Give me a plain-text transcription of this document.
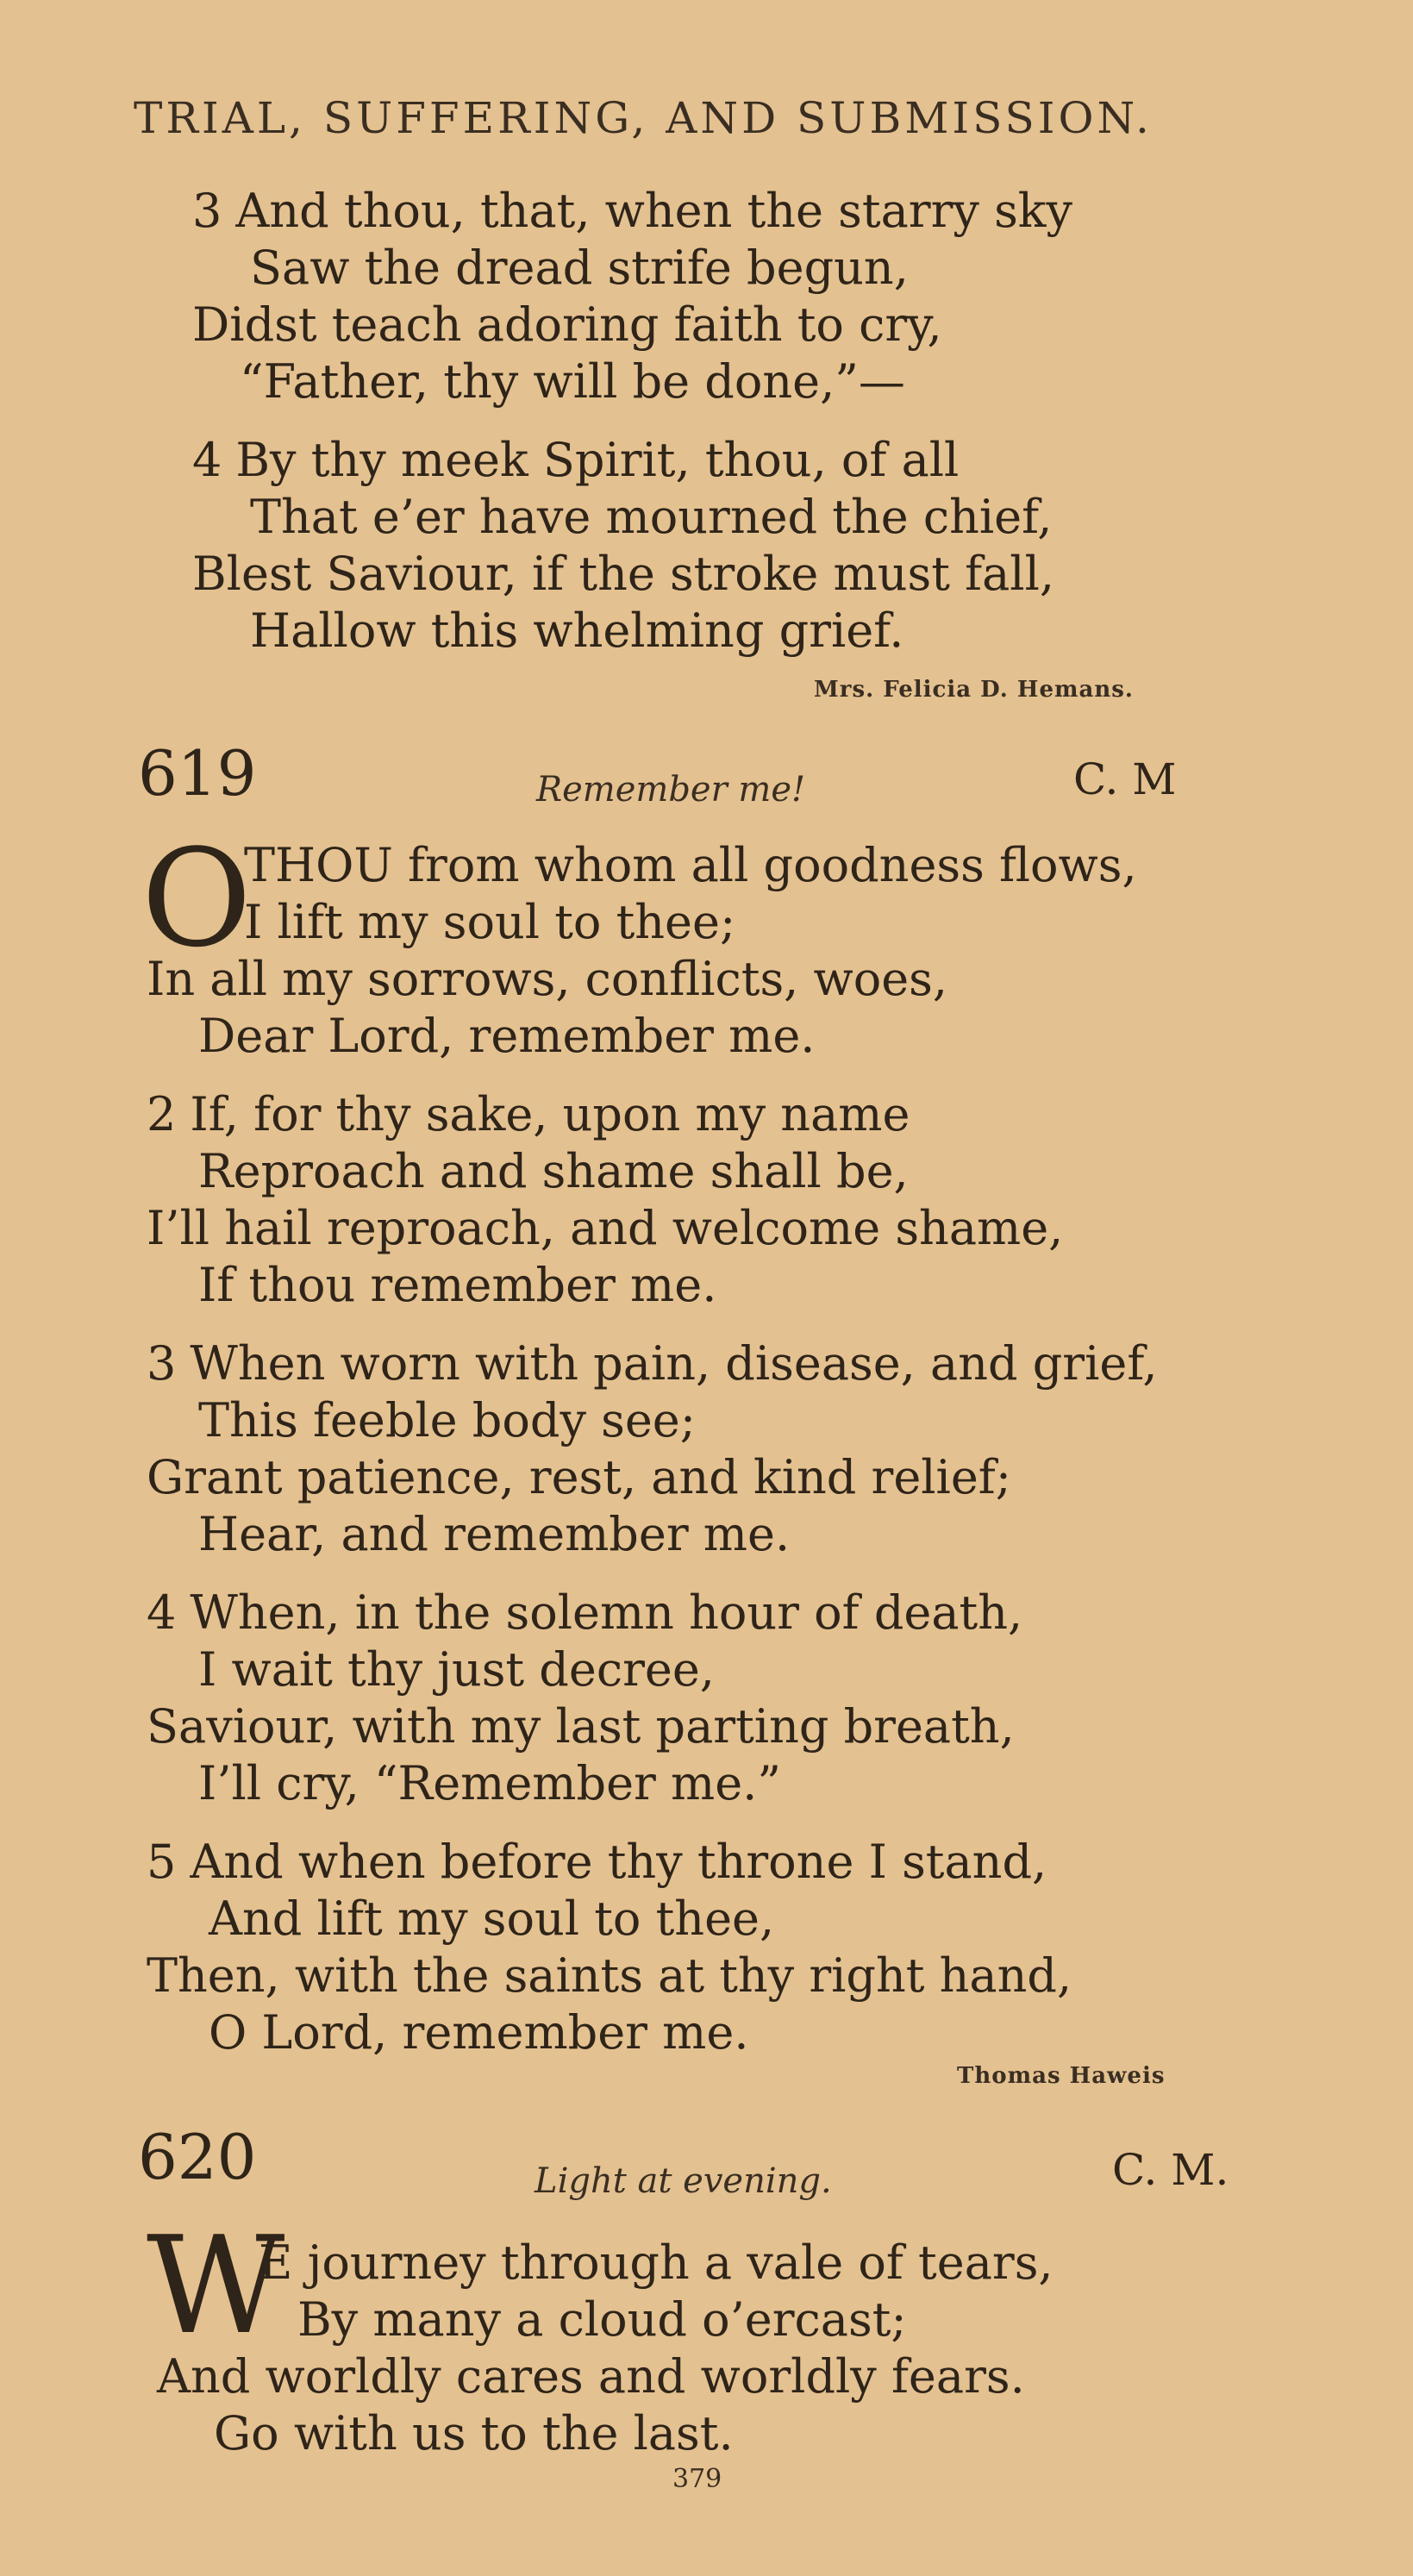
TRIAL, SUFFERING, AND SUBMISSION.
3 And thou, that, when the starry sky
Saw the dread strife begun,
Didst teach adoring faith to cry,
“Father, thy will be done,”—
4 By thy meek Spirit, thou, of all
That e’er have mourned the chief,
Blest Saviour, if the stroke must fall,
Hallow this whelming grief.
Mrs. Felicia D. Hemans.
619	Remember me!	C. M
O
THOU from whom all goodness flows,
I lift my soul to thee;
In all my sorrows, conflicts, woes,
Dear Lord, remember me.
2 If, for thy sake, upon my name
Reproach and shame shall be,
I’ll hail reproach, and welcome shame,
If thou remember me.
3 When worn with pain, disease, and grief,
This feeble body see;
Grant patience, rest, and kind relief;
Hear, and remember me.
4 When, in the solemn hour of death,
I wait thy just decree,
Saviour, with my last parting breath,
I’ll cry, “Remember me.”
5 And when before thy throne I stand,
And lift my soul to thee,
Then, with the saints at thy right hand,
O Lord, remember me.
Thomas Haweis
620	Light at evening.	C. M.
W
E journey through a vale of tears,
By many a cloud o’ercast;
And worldly cares and worldly fears.
Go with us to the last.
379
